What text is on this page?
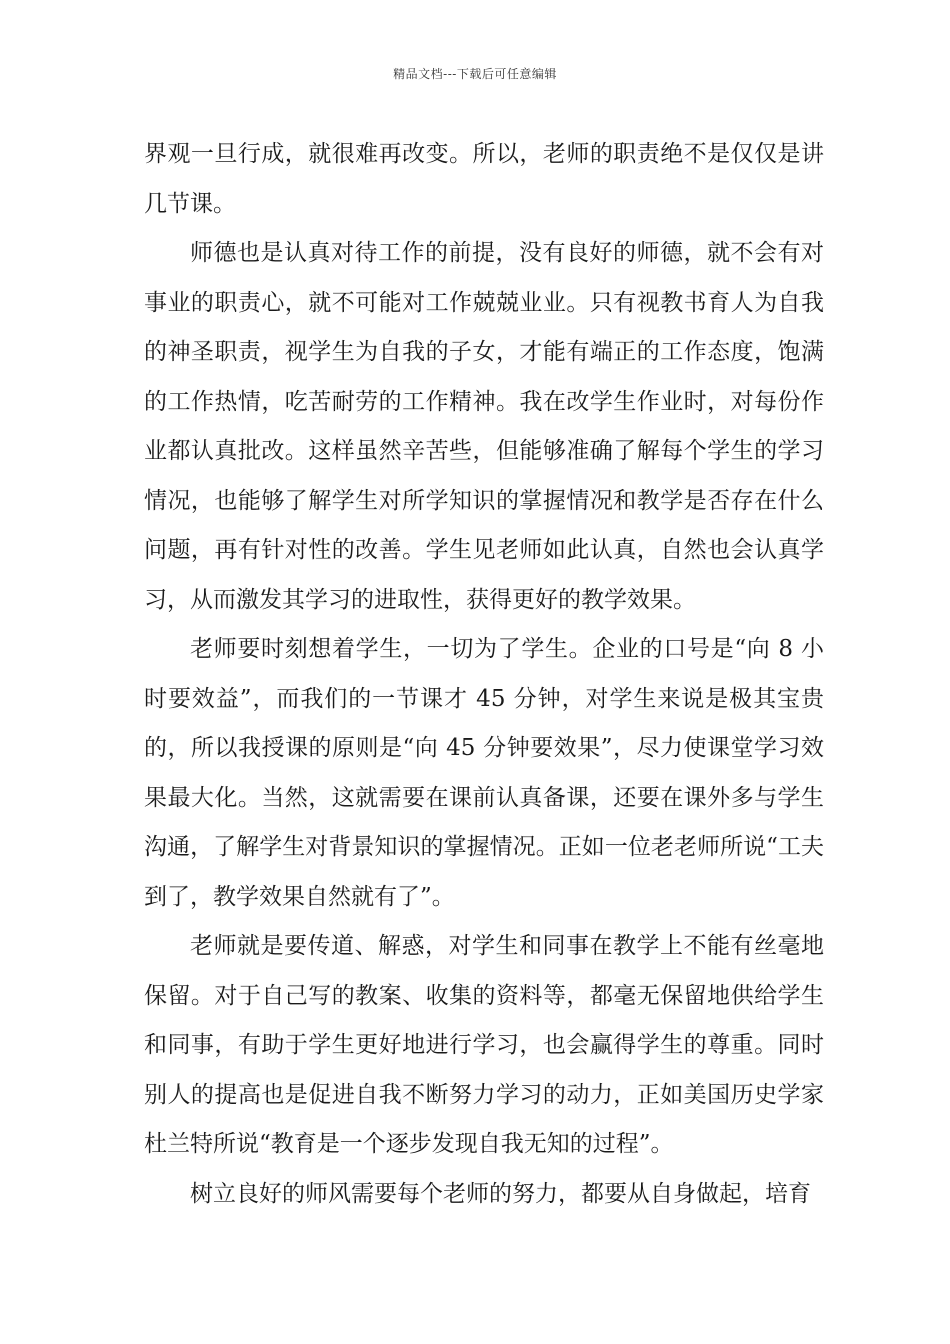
精品文档---下载后可任意编辑

界观一旦行成，就很难再改变。所以，老师的职责绝不是仅仅是讲几节课。

师德也是认真对待工作的前提，没有良好的师德，就不会有对事业的职责心，就不可能对工作兢兢业业。只有视教书育人为自我的神圣职责，视学生为自我的子女，才能有端正的工作态度，饱满的工作热情，吃苦耐劳的工作精神。我在改学生作业时，对每份作业都认真批改。这样虽然辛苦些，但能够准确了解每个学生的学习情况，也能够了解学生对所学知识的掌握情况和教学是否存在什么问题，再有针对性的改善。学生见老师如此认真，自然也会认真学习，从而激发其学习的进取性，获得更好的教学效果。

老师要时刻想着学生，一切为了学生。企业的口号是“向 8 小时要效益”，而我们的一节课才 45 分钟，对学生来说是极其宝贵的，所以我授课的原则是“向 45 分钟要效果”，尽力使课堂学习效果最大化。当然，这就需要在课前认真备课，还要在课外多与学生沟通，了解学生对背景知识的掌握情况。正如一位老老师所说“工夫到了，教学效果自然就有了”。

老师就是要传道、解惑，对学生和同事在教学上不能有丝毫地保留。对于自己写的教案、收集的资料等，都毫无保留地供给学生和同事，有助于学生更好地进行学习，也会赢得学生的尊重。同时别人的提高也是促进自我不断努力学习的动力，正如美国历史学家杜兰特所说“教育是一个逐步发现自我无知的过程”。

树立良好的师风需要每个老师的努力，都要从自身做起，培育
